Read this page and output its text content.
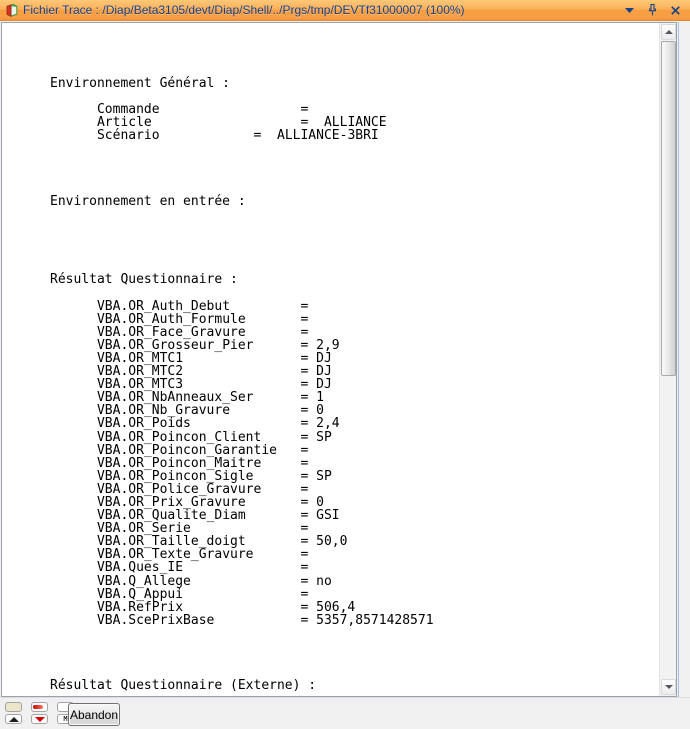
Fichier Trace : /Diap/Beta3105/devt/Diap/Shell/../Prgs/tmp/DEVTf31000007 (100%)
Environnement Général :
Commande                  =
Article                   = ALLIANCE
Scénario            = ALLIANCE-3BRI
Environnement en entrée :
Résultat Questionnaire :
VBA.OR_Auth_Debut         =
VBA.OR_Auth_Formule       =
VBA.OR_Face_Gravure       =
VBA.OR_Grosseur_Pier      = 2,9
VBA.OR_MTC1               = DJ
VBA.OR_MTC2               = DJ
VBA.OR_MTC3               = DJ
VBA.OR_NbAnneaux_Ser      = 1
VBA.OR_Nb_Gravure         = 0
VBA.OR_Poids              = 2,4
VBA.OR_Poincon_Client     = SP
VBA.OR_Poincon_Garantie   =
VBA.OR_Poincon_Maitre     =
VBA.OR_Poincon_Sigle      = SP
VBA.OR_Police_Gravure     =
VBA.OR_Prix_Gravure       = 0
VBA.OR_Qualite_Diam       = GSI
VBA.OR_Serie              =
VBA.OR_Taille_doigt       = 50,0
VBA.OR_Texte_Gravure      =
VBA.Ques_IE               =
VBA.Q_Allege              = no
VBA.Q_Appui               =
VBA.RefPrix               = 506,4
VBA.ScePrixBase           = 5357,8571428571
Résultat Questionnaire (Externe) :
M Abandon
